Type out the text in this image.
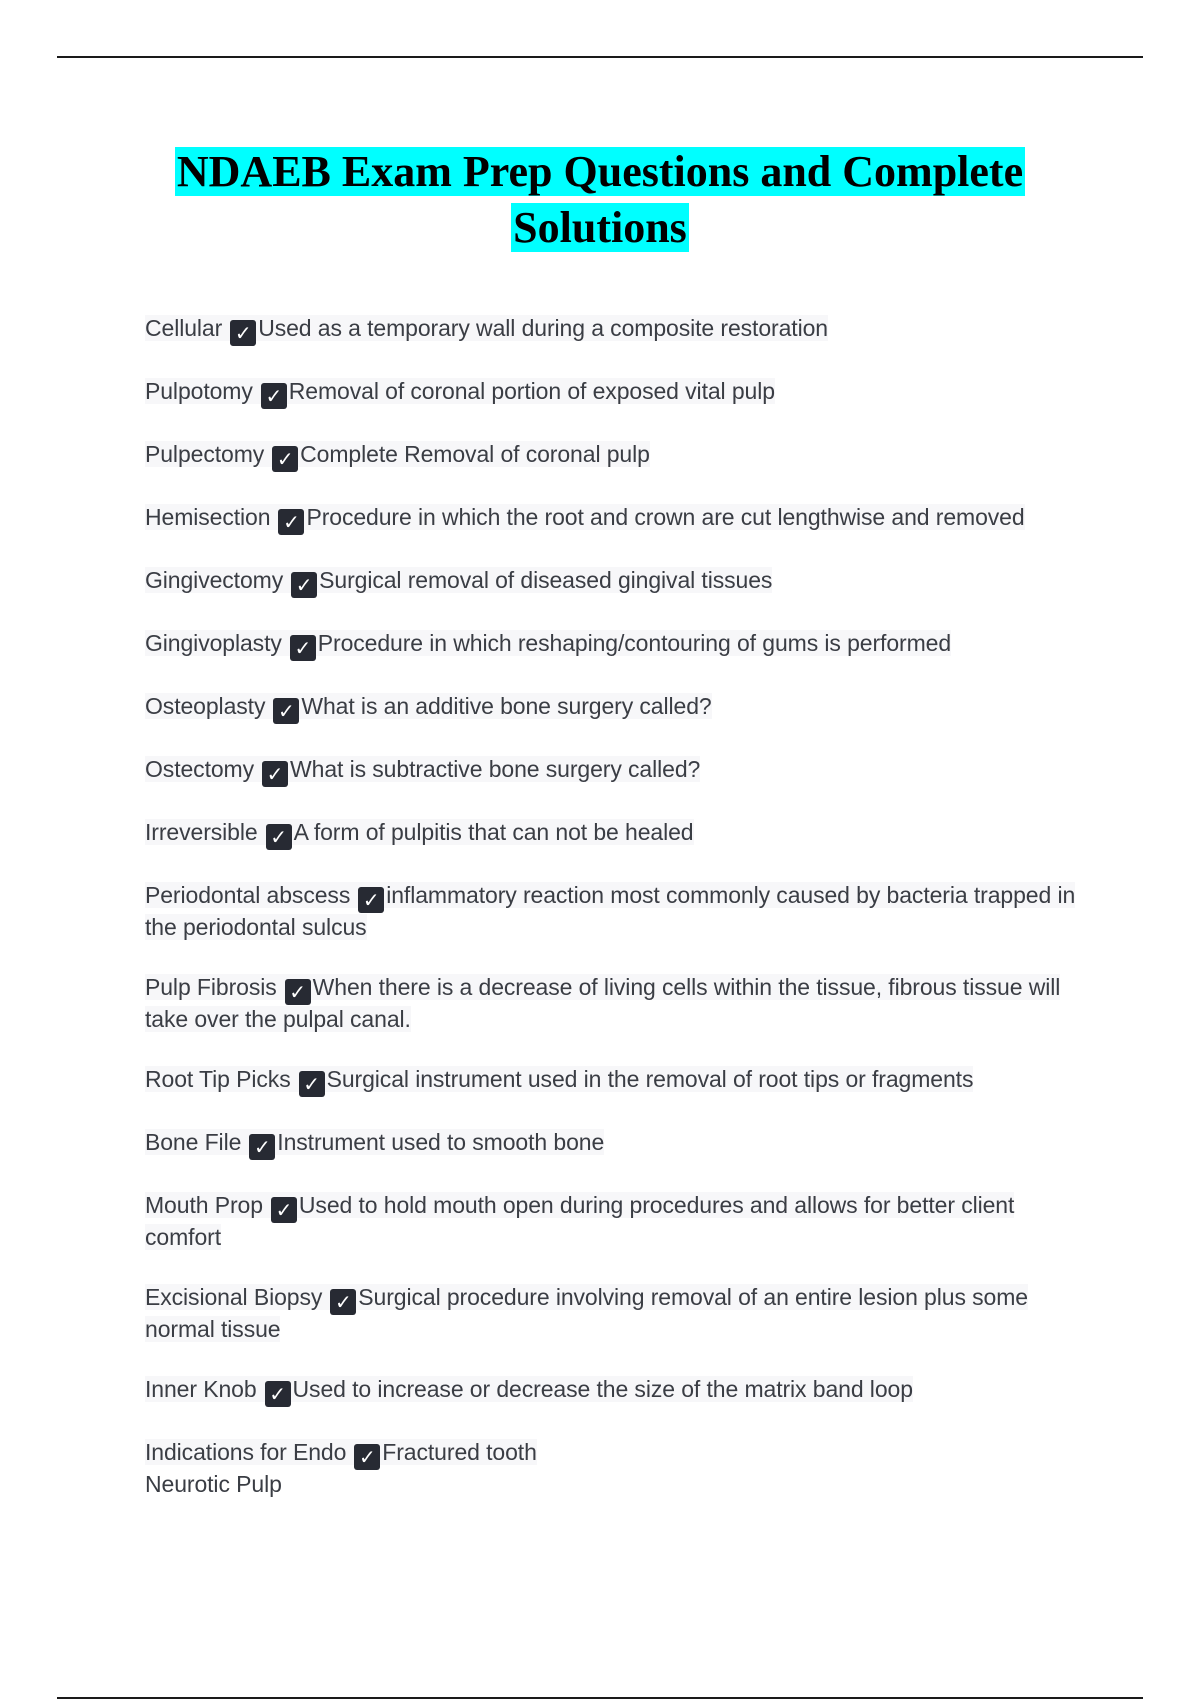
NDAEB Exam Prep Questions and Complete
Solutions
Cellular ✓ Used as a temporary wall during a composite restoration
Pulpotomy ✓ Removal of coronal portion of exposed vital pulp
Pulpectomy ✓ Complete Removal of coronal pulp
Hemisection ✓ Procedure in which the root and crown are cut lengthwise and removed
Gingivectomy ✓ Surgical removal of diseased gingival tissues
Gingivoplasty ✓ Procedure in which reshaping/contouring of gums is performed
Osteoplasty ✓ What is an additive bone surgery called?
Ostectomy ✓ What is subtractive bone surgery called?
Irreversible ✓ A form of pulpitis that can not be healed
Periodontal abscess ✓ inflammatory reaction most commonly caused by bacteria trapped in the periodontal sulcus
Pulp Fibrosis ✓ When there is a decrease of living cells within the tissue, fibrous tissue will take over the pulpal canal.
Root Tip Picks ✓ Surgical instrument used in the removal of root tips or fragments
Bone File ✓ Instrument used to smooth bone
Mouth Prop ✓ Used to hold mouth open during procedures and allows for better client comfort
Excisional Biopsy ✓ Surgical procedure involving removal of an entire lesion plus some normal tissue
Inner Knob ✓ Used to increase or decrease the size of the matrix band loop
Indications for Endo ✓ Fractured tooth
Neurotic Pulp
